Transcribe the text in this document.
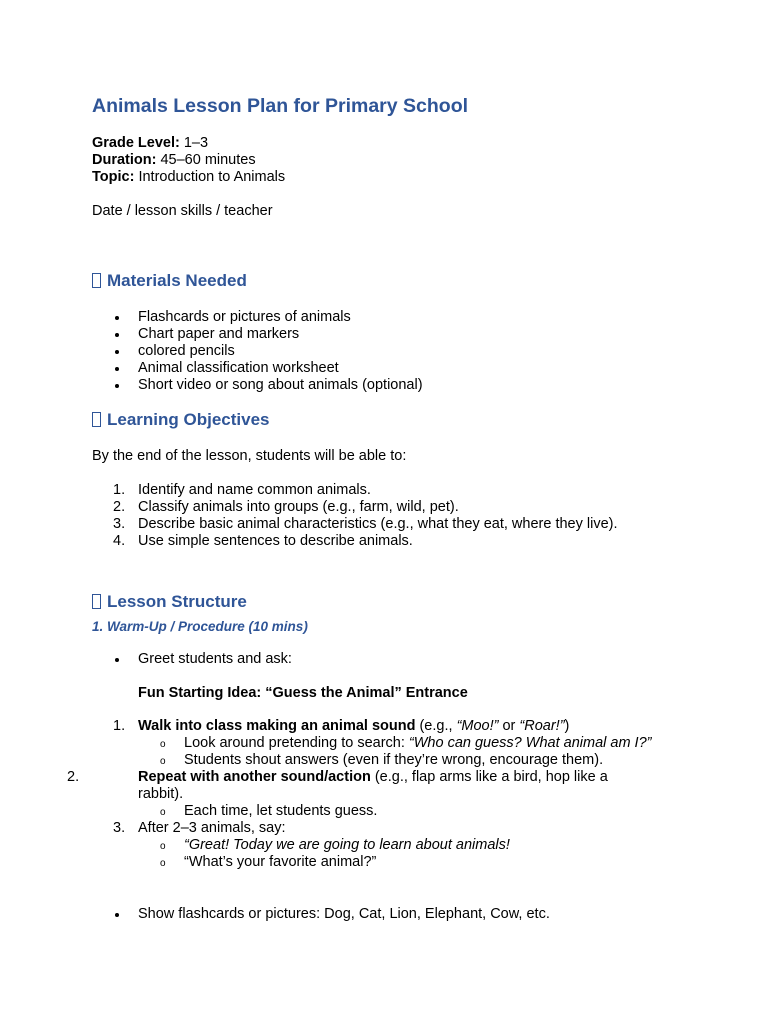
Animals Lesson Plan for Primary School
Grade Level: 1–3
Duration: 45–60 minutes
Topic: Introduction to Animals
Date / lesson skills / teacher
Materials Needed
Flashcards or pictures of animals
Chart paper and markers
colored pencils
Animal classification worksheet
Short video or song about animals (optional)
Learning Objectives
By the end of the lesson, students will be able to:
1. Identify and name common animals.
2. Classify animals into groups (e.g., farm, wild, pet).
3. Describe basic animal characteristics (e.g., what they eat, where they live).
4. Use simple sentences to describe animals.
Lesson Structure
1. Warm-Up / Procedure (10 mins)
Greet students and ask:
Fun Starting Idea: “Guess the Animal” Entrance
1. Walk into class making an animal sound (e.g., “Moo!” or “Roar!”)
o Look around pretending to search: “Who can guess? What animal am I?”
o Students shout answers (even if they’re wrong, encourage them).
2.	Repeat with another sound/action (e.g., flap arms like a bird, hop like a rabbit).
o Each time, let students guess.
3. After 2–3 animals, say:
o “Great! Today we are going to learn about animals!
o “What’s your favorite animal?”
Show flashcards or pictures: Dog, Cat, Lion, Elephant, Cow, etc.
